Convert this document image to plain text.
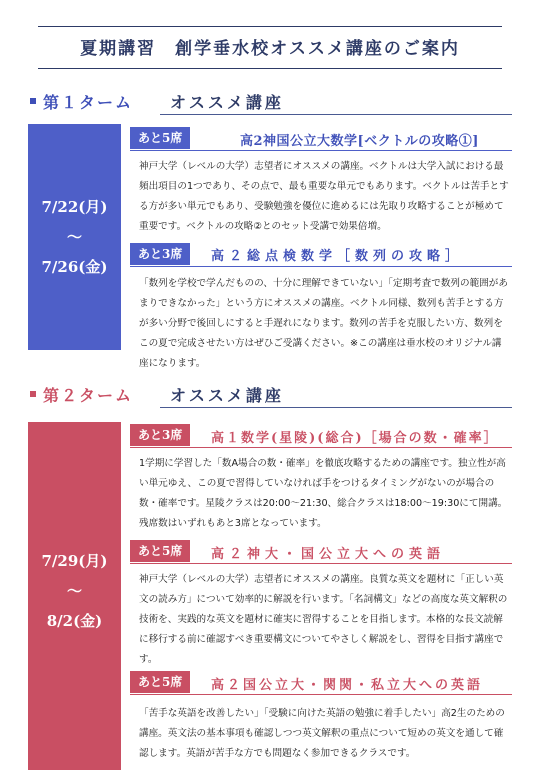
夏期講習　創学垂水校オススメ講座のご案内
第１ターム オススメ講座
7/22(月)
～
7/26(金)
あと5席	高2神国公立大数学[ベクトルの攻略①]
神戸大学（レベルの大学）志望者にオススメの講座。ベクトルは大学入試における最頻出項目の1つであり、その点で、最も重要な単元でもあります。ベクトルは苦手とする方が多い単元でもあり、受験勉強を優位に進めるには先取り攻略することが極めて重要です。ベクトルの攻略②とのセット受講で効果倍増。
あと3席	高２総点検数学［数列の攻略］
「数列を学校で学んだものの、十分に理解できていない」「定期考査で数列の範囲があまりできなかった」という方にオススメの講座。ベクトル同様、数列も苦手とする方が多い分野で後回しにすると手遅れになります。数列の苦手を克服したい方、数列をこの夏で完成させたい方はぜひご受講ください。※この講座は垂水校のオリジナル講座になります。
第２ターム オススメ講座
7/29(月)
～
8/2(金)
あと3席	高１数学(星陵)(総合)［場合の数・確率］
1学期に学習した「数A場合の数・確率」を徹底攻略するための講座です。独立性が高い単元ゆえ、この夏で習得していなければ手をつけるタイミングがないのが場合の数・確率です。星陵クラスは20:00～21:30、総合クラスは18:00～19:30にて開講。残席数はいずれもあと3席となっています。
あと5席	高２神大・国公立大への英語
神戸大学（レベルの大学）志望者にオススメの講座。良質な英文を題材に「正しい英文の読み方」について効率的に解説を行います。「名詞構文」などの高度な英文解釈の技術を、実践的な英文を題材に確実に習得することを目指します。本格的な長文読解に移行する前に確認すべき重要構文についてやさしく解説をし、習得を目指す講座です。
あと5席	高２国公立大・関関・私立大への英語
「苦手な英語を改善したい」「受験に向けた英語の勉強に着手したい」高2生のための講座。英文法の基本事項も確認しつつ英文解釈の重点について短めの英文を通して確認します。英語が苦手な方でも問題なく参加できるクラスです。
